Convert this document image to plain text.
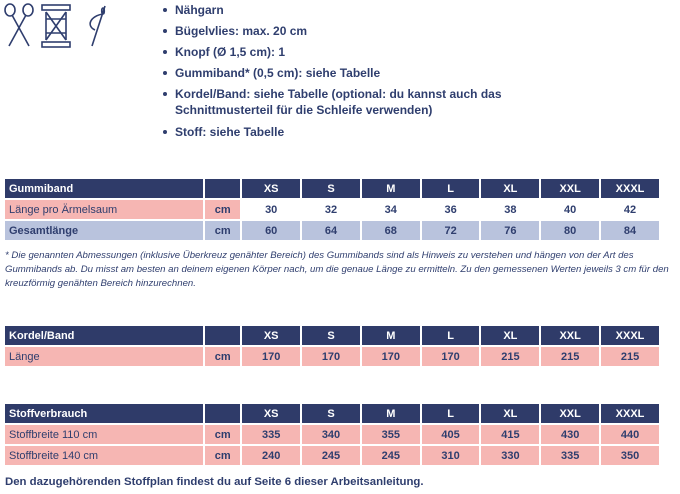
Nähgarn
Bügelvlies: max. 20 cm
Knopf (Ø 1,5 cm): 1
Gummiband* (0,5 cm): siehe Tabelle
Kordel/Band: siehe Tabelle (optional: du kannst auch das Schnittmusterteil für die Schleife verwenden)
Stoff: siehe Tabelle
Gummiband		XS	S	M	L	XL	XXL	XXXL
Länge pro Ärmelsaum	cm	30	32	34	36	38	40	42
Gesamtlänge	cm	60	64	68	72	76	80	84

* Die genannten Abmessungen (inklusive Überkreuz genähter Bereich) des Gummibands sind als Hinweis zu verstehen und hängen von der Art des Gummibands ab. Du misst am besten an deinem eigenen Körper nach, um die genaue Länge zu ermitteln. Zu den gemessenen Werten jeweils 3 cm für den kreuzförmig genähten Bereich hinzurechnen.

Kordel/Band		XS	S	M	L	XL	XXL	XXXL
Länge	cm	170	170	170	170	215	215	215
Stoffverbrauch		XS	S	M	L	XL	XXL	XXXL
Stoffbreite 110 cm	cm	335	340	355	405	415	430	440
Stoffbreite 140 cm	cm	240	245	245	310	330	335	350

Den dazugehörenden Stoffplan findest du auf Seite 6 dieser Arbeitsanleitung.
